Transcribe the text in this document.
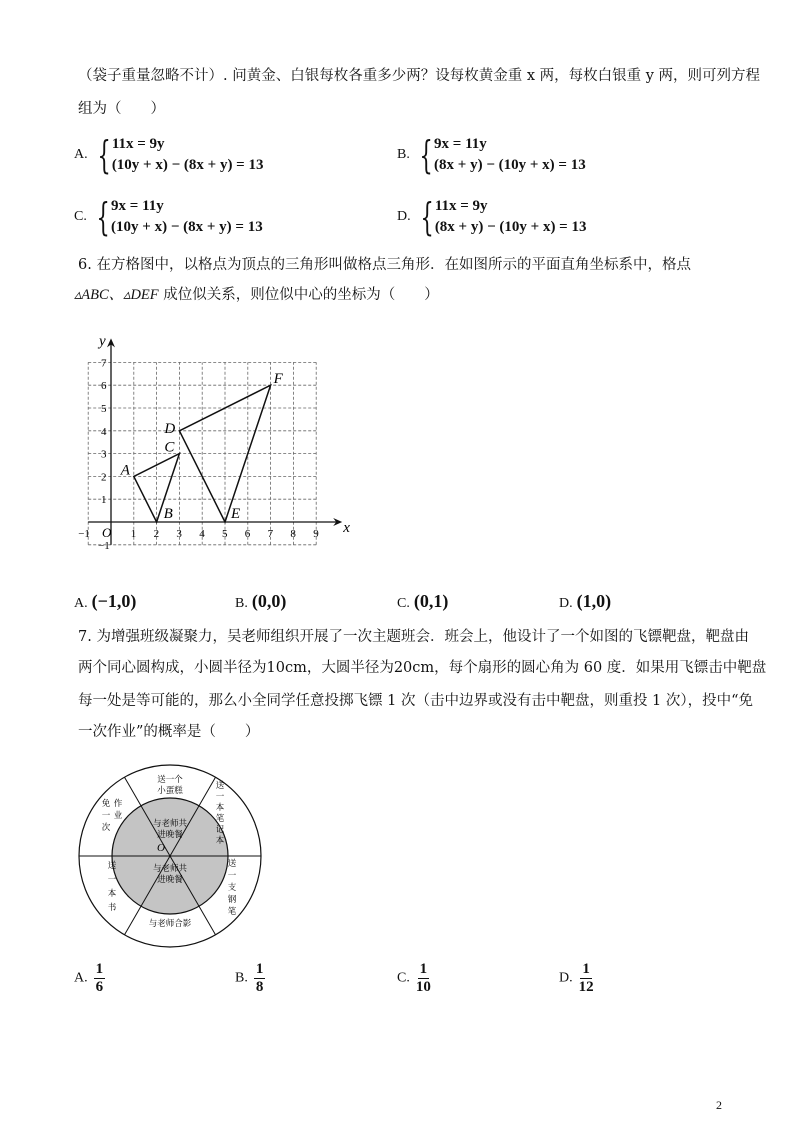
（袋子重量忽略不计）. 问黄金、白银每枚各重多少两？设每枚黄金重 x 两，每枚白银重 y 两，则可列方程
组为（　　）
A. { 11x = 9y
(10y + x) − (8x + y) = 13
B. { 9x = 11y
(8x + y) − (10y + x) = 13
C. { 9x = 11y
(10y + x) − (8x + y) = 13
D. { 11x = 9y
(8x + y) − (10y + x) = 13
6. 在方格图中，以格点为顶点的三角形叫做格点三角形．在如图所示的平面直角坐标系中，格点
▵ABC、▵DEF 成位似关系，则位似中心的坐标为（　　）
−1	1 2 3 4 5 6 7 8 9
−1
1
2
3
4
5
6
7
O	x
y
A
B
C
D
E
F
A. (−1,0)	B. (0,0)	C. (0,1)	D. (1,0)
7. 为增强班级凝聚力，吴老师组织开展了一次主题班会．班会上，他设计了一个如图的飞镖靶盘，靶盘由
两个同心圆构成，小圆半径为10cm，大圆半径为20cm，每个扇形的圆心角为 60 度．如果用飞镖击中靶盘
每一处是等可能的，那么小全同学任意投掷飞镖 1 次（击中边界或没有击中靶盘，则重投 1 次），投中“免
一次作业”的概率是（　　）
O
送一个小蛋糕
与老师共进晚餐
与老师共进晚餐
与老师合影
免一次作业
送一本书
送一本笔记本
送一支钢笔
A. $\frac{1}{6}$	B. $\frac{1}{8}$	C. $\frac{1}{10}$	D. $\frac{1}{12}$
2
